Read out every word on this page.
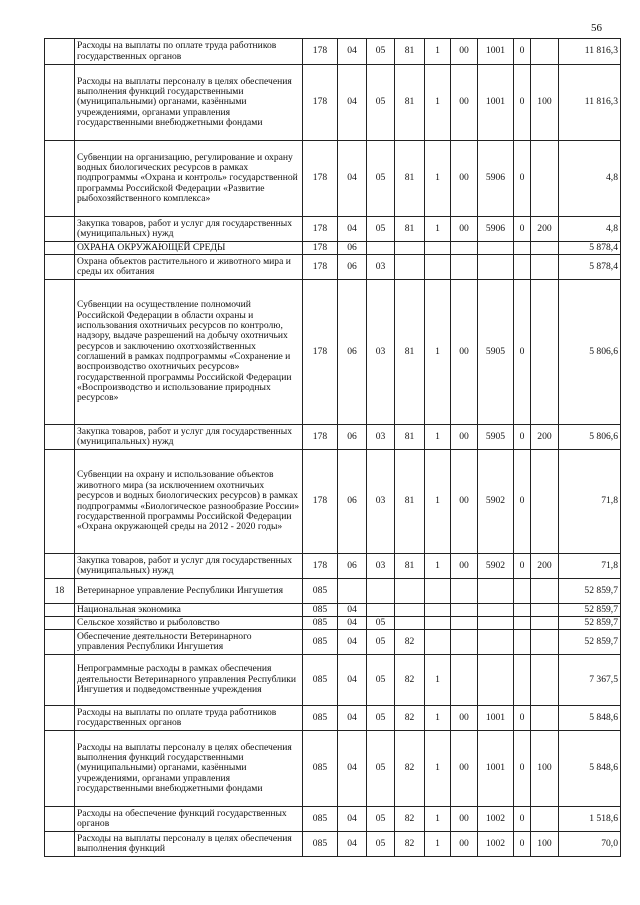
56
	Расходы на выплаты по оплате труда работников государственных органов	178	04	05	81	1	00	1001	0		11 816,3
	Расходы на выплаты персоналу в целях обеспечения выполнения функций государственными (муниципальными) органами, казёнными учреждениями, органами управления государственными внебюджетными фондами	178	04	05	81	1	00	1001	0	100	11 816,3
	Субвенции на организацию, регулирование и охрану водных биологических ресурсов в рамках подпрограммы «Охрана и контроль» государственной программы Российской Федерации «Развитие рыбохозяйственного комплекса»	178	04	05	81	1	00	5906	0		4,8
	Закупка товаров, работ и услуг для государственных (муниципальных) нужд	178	04	05	81	1	00	5906	0	200	4,8
	ОХРАНА ОКРУЖАЮЩЕЙ СРЕДЫ	178	06								5 878,4
	Охрана объектов растительного и животного мира и среды их обитания	178	06	03							5 878,4
	Субвенции на осуществление полномочий Российской Федерации в области охраны и использования охотничьих ресурсов по контролю, надзору, выдаче разрешений на добычу охотничьих ресурсов и заключению охотхозяйственных соглашений в рамках подпрограммы «Сохранение и воспроизводство охотничьих ресурсов» государственной программы Российской Федерации «Воспроизводство и использование природных ресурсов»	178	06	03	81	1	00	5905	0		5 806,6
	Закупка товаров, работ и услуг для государственных (муниципальных) нужд	178	06	03	81	1	00	5905	0	200	5 806,6
	Субвенции на охрану и использование объектов животного мира (за исключением охотничьих ресурсов и водных биологических ресурсов) в рамках подпрограммы «Биологическое разнообразие России» государственной программы Российской Федерации «Охрана окружающей среды на 2012 - 2020 годы»	178	06	03	81	1	00	5902	0		71,8
	Закупка товаров, работ и услуг для государственных (муниципальных) нужд	178	06	03	81	1	00	5902	0	200	71,8
18	Ветеринарное управление Республики Ингушетия	085									52 859,7
	Национальная экономика	085	04								52 859,7
	Сельское хозяйство и рыболовство	085	04	05							52 859,7
	Обеспечение деятельности Ветеринарного управления Республики Ингушетия	085	04	05	82						52 859,7
	Непрограммные расходы в рамках обеспечения деятельности Ветеринарного управления Республики Ингушетия и подведомственные учреждения	085	04	05	82	1					7 367,5
	Расходы на выплаты по оплате труда работников государственных органов	085	04	05	82	1	00	1001	0		5 848,6
	Расходы на выплаты персоналу в целях обеспечения выполнения функций государственными (муниципальными) органами, казёнными учреждениями, органами управления государственными внебюджетными фондами	085	04	05	82	1	00	1001	0	100	5 848,6
	Расходы на обеспечение функций государственных органов	085	04	05	82	1	00	1002	0		1 518,6
	Расходы на выплаты персоналу в целях обеспечения выполнения функций	085	04	05	82	1	00	1002	0	100	70,0
